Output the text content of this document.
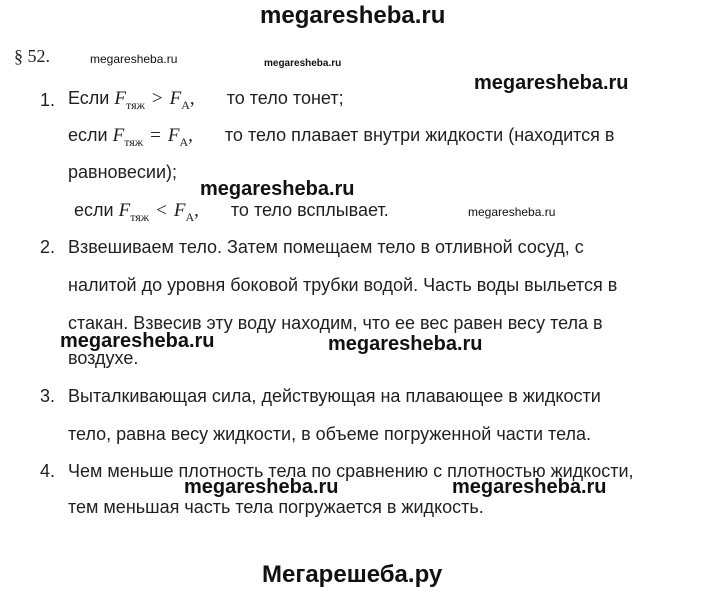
megaresheba.ru
§ 52.	megaresheba.ru	megaresheba.ru
megaresheba.ru
1. Если $F_{тяж} > F_А$, то тело тонет;
если $F_{тяж} = F_А$, то тело плавает внутри жидкости (находится в
равновесии);
megaresheba.ru
если $F_{тяж} < F_А$, то тело всплывает.	megaresheba.ru
2. Взвешиваем тело. Затем помещаем тело в отливной сосуд, с
налитой до уровня боковой трубки водой. Часть воды выльется в
стакан. Взвесив эту воду находим, что ее вес равен весу тела в
megaresheba.ru	megaresheba.ru
воздухе.
3. Выталкивающая сила, действующая на плавающее в жидкости
тело, равна весу жидкости, в объеме погруженной части тела.
4. Чем меньше плотность тела по сравнению с плотностью жидкости,
megaresheba.ru	megaresheba.ru
тем меньшая часть тела погружается в жидкость.
Мегарешеба.ру
